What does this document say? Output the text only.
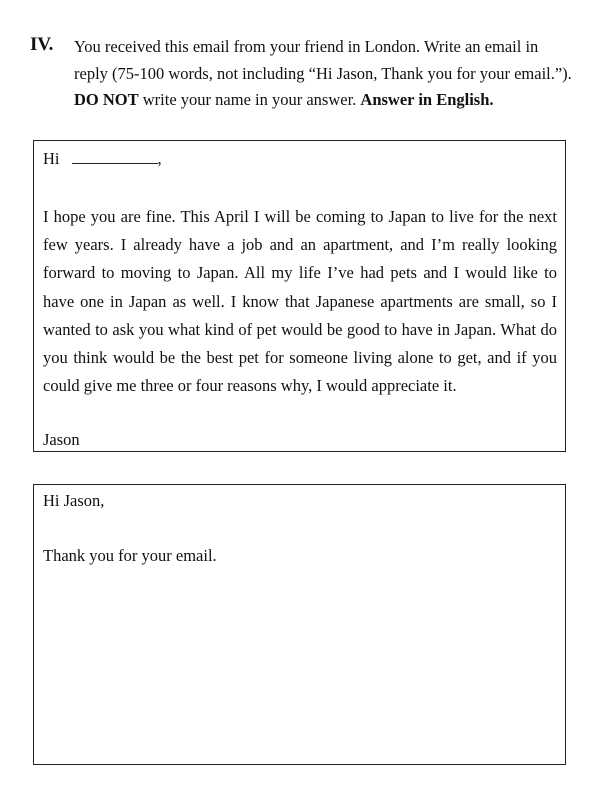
IV. You received this email from your friend in London. Write an email in
reply (75-100 words, not including “Hi Jason, Thank you for your email.”).
DO NOT write your name in your answer. Answer in English.
Hi	,
I hope you are fine. This April I will be coming to Japan to live for the next few years. I already have a job and an apartment, and I’m really looking forward to moving to Japan. All my life I’ve had pets and I would like to have one in Japan as well. I know that Japanese apartments are small, so I wanted to ask you what kind of pet would be good to have in Japan. What do you think would be the best pet for someone living alone to get, and if you could give me three or four reasons why, I would appreciate it.
Jason
Hi Jason,
Thank you for your email.
